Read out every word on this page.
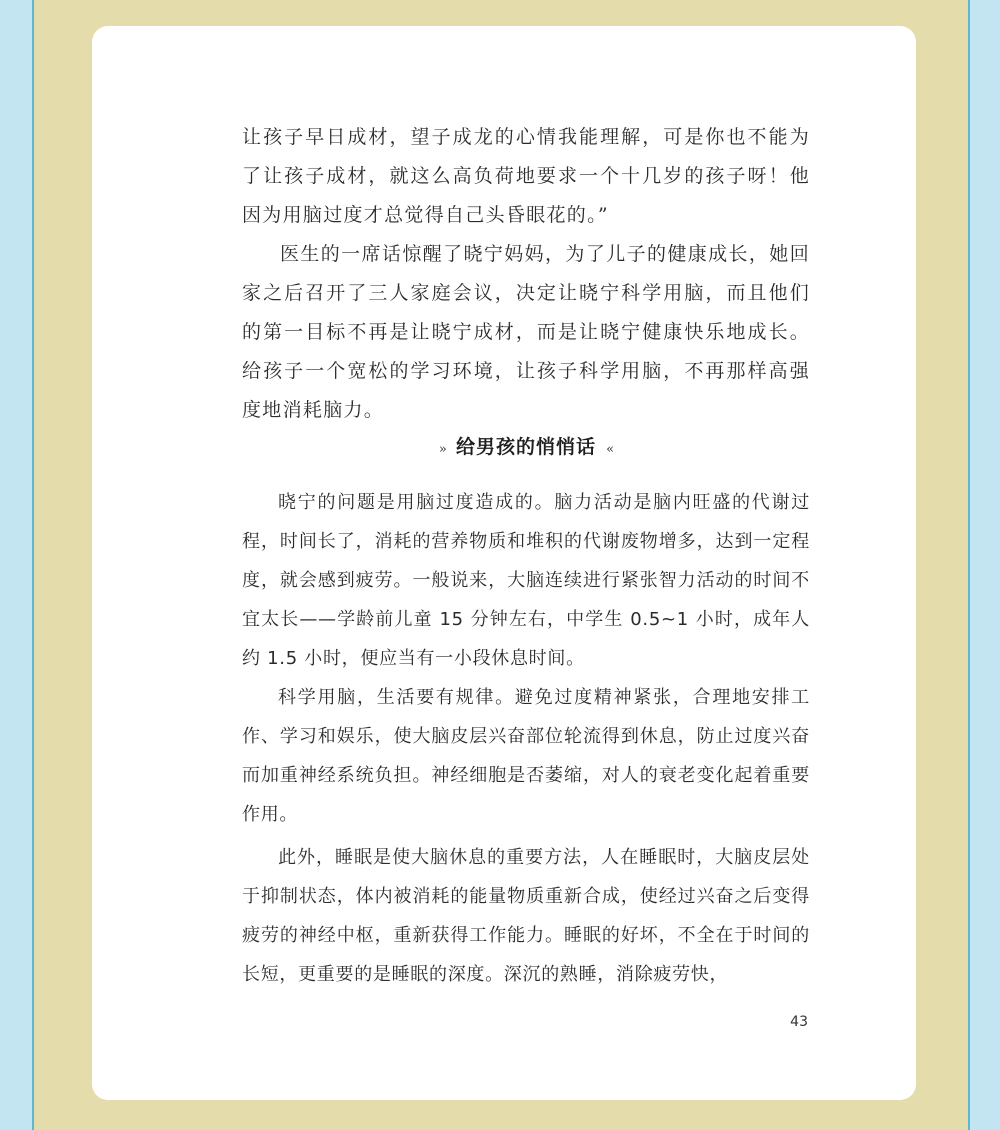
让孩子早日成材，望子成龙的心情我能理解，可是你也不能为了让孩子成材，就这么高负荷地要求一个十几岁的孩子呀！他因为用脑过度才总觉得自己头昏眼花的。”

医生的一席话惊醒了晓宁妈妈，为了儿子的健康成长，她回家之后召开了三人家庭会议，决定让晓宁科学用脑，而且他们的第一目标不再是让晓宁成材，而是让晓宁健康快乐地成长。给孩子一个宽松的学习环境，让孩子科学用脑，不再那样高强度地消耗脑力。

» 给男孩的悄悄话 «

晓宁的问题是用脑过度造成的。脑力活动是脑内旺盛的代谢过程，时间长了，消耗的营养物质和堆积的代谢废物增多，达到一定程度，就会感到疲劳。一般说来，大脑连续进行紧张智力活动的时间不宜太长——学龄前儿童 15 分钟左右，中学生 0.5~1 小时，成年人约 1.5 小时，便应当有一小段休息时间。

科学用脑，生活要有规律。避免过度精神紧张，合理地安排工作、学习和娱乐，使大脑皮层兴奋部位轮流得到休息，防止过度兴奋而加重神经系统负担。神经细胞是否萎缩，对人的衰老变化起着重要作用。

此外，睡眠是使大脑休息的重要方法，人在睡眠时，大脑皮层处于抑制状态，体内被消耗的能量物质重新合成，使经过兴奋之后变得疲劳的神经中枢，重新获得工作能力。睡眠的好坏，不全在于时间的长短，更重要的是睡眠的深度。深沉的熟睡，消除疲劳快，

43
